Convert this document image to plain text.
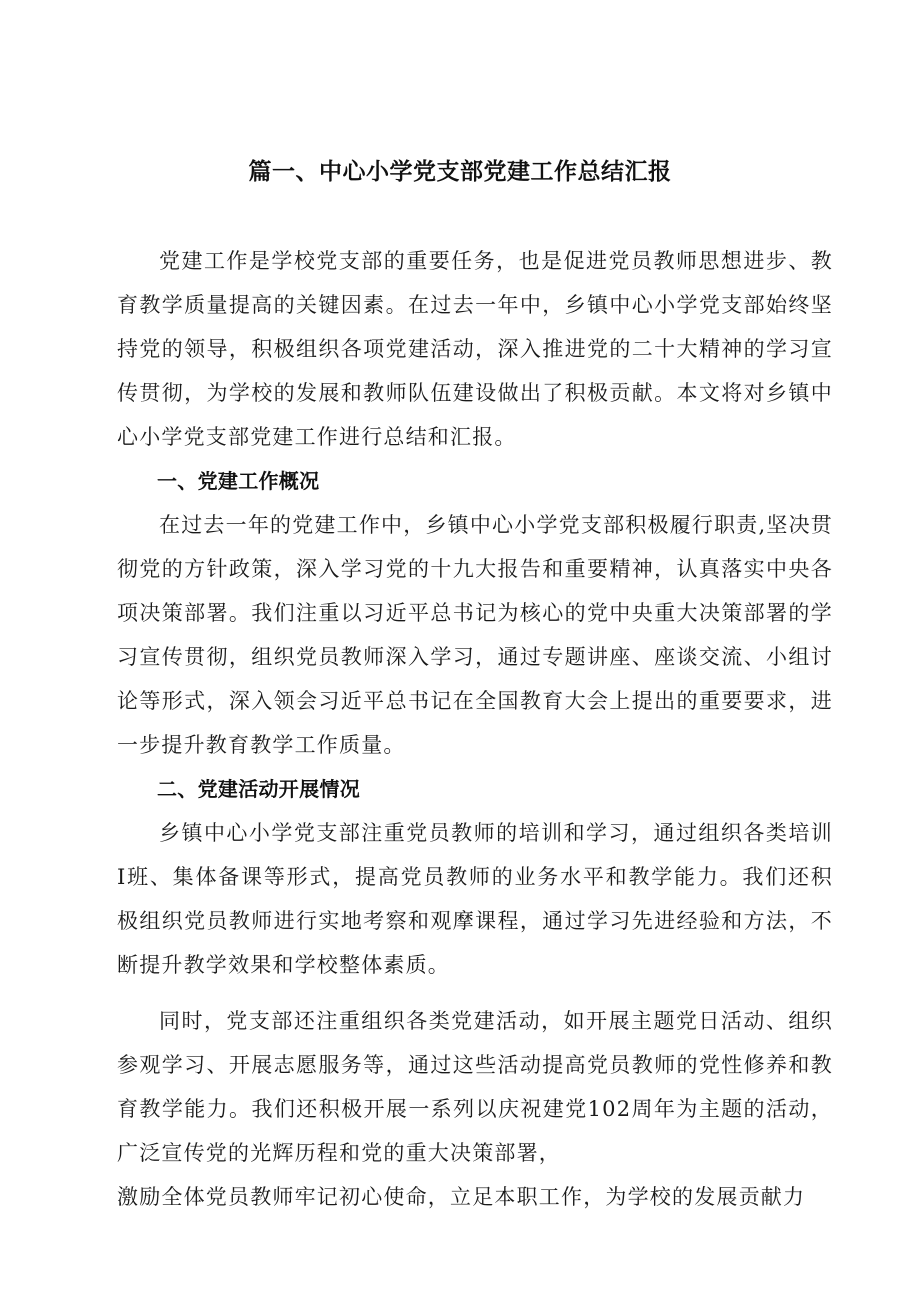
篇一、中心小学党支部党建工作总结汇报

党建工作是学校党支部的重要任务，也是促进党员教师思想进步、教育教学质量提高的关键因素。在过去一年中，乡镇中心小学党支部始终坚持党的领导，积极组织各项党建活动，深入推进党的二十大精神的学习宣传贯彻，为学校的发展和教师队伍建设做出了积极贡献。本文将对乡镇中心小学党支部党建工作进行总结和汇报。

一、党建工作概况

在过去一年的党建工作中，乡镇中心小学党支部积极履行职责,坚决贯彻党的方针政策，深入学习党的十九大报告和重要精神，认真落实中央各项决策部署。我们注重以习近平总书记为核心的党中央重大决策部署的学习宣传贯彻，组织党员教师深入学习，通过专题讲座、座谈交流、小组讨论等形式，深入领会习近平总书记在全国教育大会上提出的重要要求，进一步提升教育教学工作质量。

二、党建活动开展情况

乡镇中心小学党支部注重党员教师的培训和学习，通过组织各类培训I班、集体备课等形式，提高党员教师的业务水平和教学能力。我们还积极组织党员教师进行实地考察和观摩课程，通过学习先进经验和方法，不断提升教学效果和学校整体素质。

同时，党支部还注重组织各类党建活动，如开展主题党日活动、组织参观学习、开展志愿服务等，通过这些活动提高党员教师的党性修养和教育教学能力。我们还积极开展一系列以庆祝建党102周年为主题的活动，广泛宣传党的光辉历程和党的重大决策部署，

激励全体党员教师牢记初心使命，立足本职工作，为学校的发展贡献力
